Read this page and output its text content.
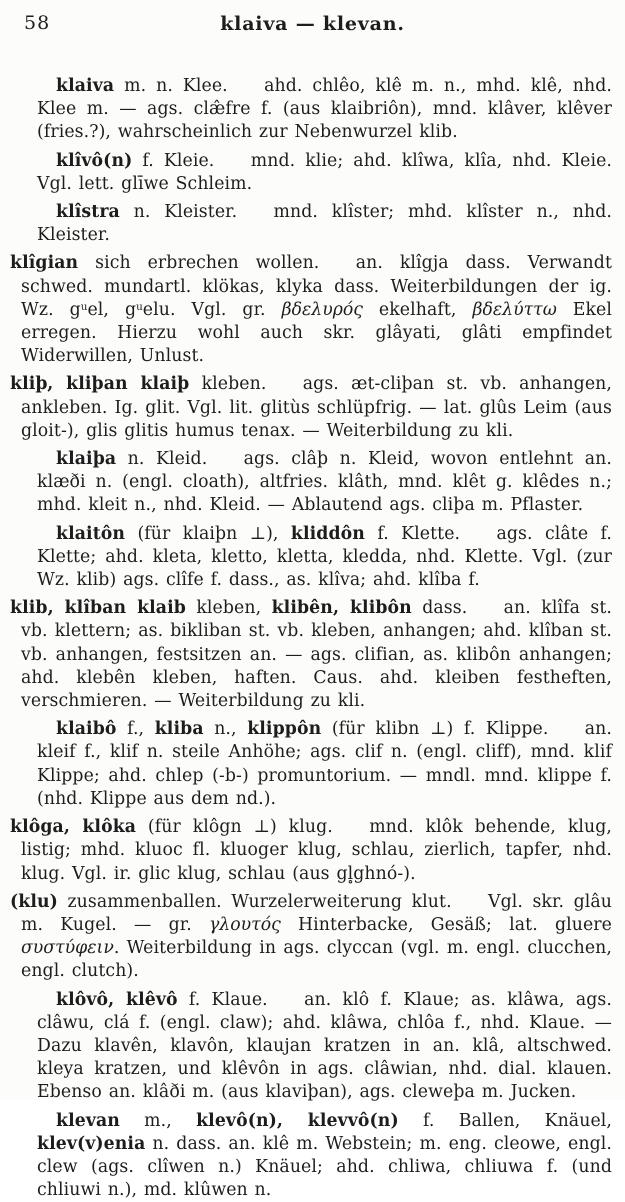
58	klaiva — klevan.

klaiva m. n. Klee. ahd. chlêo, klê m. n., mhd. klê, nhd. Klee m. — ags. clæ̂fre f. (aus klaibriôn), mnd. klâver, klêver (fries.?), wahrscheinlich zur Nebenwurzel klib.

klîvô(n) f. Kleie. mnd. klie; ahd. klîwa, klîa, nhd. Kleie. Vgl. lett. glīwe Schleim.

klîstra n. Kleister. mnd. klîster; mhd. klîster n., nhd. Kleister.

klîgian sich erbrechen wollen. an. klîgja dass. Verwandt schwed. mundartl. klökas, klyka dass. Weiterbildungen der ig. Wz. $g^uel$, $g^uelu$. Vgl. gr. βδελυρός ekelhaft, βδελύττω Ekel erregen. Hierzu wohl auch skr. glâyati, glâti empfindet Widerwillen, Unlust.

kliþ, kliþan klaiþ kleben. ags. æt-cliþan st. vb. anhangen, ankleben. Ig. glit. Vgl. lit. glitùs schlüpfrig. — lat. glûs Leim (aus gloit-), glis glitis humus tenax. — Weiterbildung zu kli.

klaiþa n. Kleid. ags. clâþ n. Kleid, wovon entlehnt an. klæði n. (engl. cloath), altfries. klâth, mnd. klêt g. klêdes n.; mhd. kleit n., nhd. Kleid. — Ablautend ags. cliþa m. Pflaster.

klaitôn (für klaiþn ⊥), kliddôn f. Klette. ags. clâte f. Klette; ahd. kleta, kletto, kletta, kledda, nhd. Klette. Vgl. (zur Wz. klib) ags. clîfe f. dass., as. klîva; ahd. klîba f.

klib, klîban klaib kleben, klibên, klibôn dass. an. klîfa st. vb. klettern; as. bikliban st. vb. kleben, anhangen; ahd. klîban st. vb. anhangen, festsitzen an. — ags. clifian, as. klibôn anhangen; ahd. klebên kleben, haften. Caus. ahd. kleiben festheften, verschmieren. — Weiterbildung zu kli.

klaibô f., kliba n., klippôn (für klibn ⊥) f. Klippe. an. kleif f., klif n. steile Anhöhe; ags. clif n. (engl. cliff), mnd. klif Klippe; ahd. chlep (-b-) promuntorium. — mndl. mnd. klippe f. (nhd. Klippe aus dem nd.).

klôga, klôka (für klôgn ⊥) klug. mnd. klôk behende, klug, listig; mhd. kluoc fl. kluoger klug, schlau, zierlich, tapfer, nhd. klug. Vgl. ir. glic klug, schlau (aus gl̥ghnó-).

(klu) zusammenballen. Wurzelerweiterung klut. Vgl. skr. glâu m. Kugel. — gr. γλουτός Hinterbacke, Gesäß; lat. gluere συστύφειν. Weiterbildung in ags. clyccan (vgl. m. engl. clucchen, engl. clutch).

klôvô, klêvô f. Klaue. an. klô f. Klaue; as. klâwa, ags. clâwu, clá f. (engl. claw); ahd. klâwa, chlôa f., nhd. Klaue. — Dazu klavên, klavôn, klaujan kratzen in an. klâ, altschwed. kleya kratzen, und klêvôn in ags. clâwian, nhd. dial. klauen. Ebenso an. klâði m. (aus klaviþan), ags. cleweþa m. Jucken.

klevan m., klevô(n), klevvô(n) f. Ballen, Knäuel, klev(v)enia n. dass. an. klê m. Webstein; m. eng. cleowe, engl. clew (ags. clîwen n.) Knäuel; ahd. chliwa, chliuwa f. (und chliuwi n.), md. klûwen n.
